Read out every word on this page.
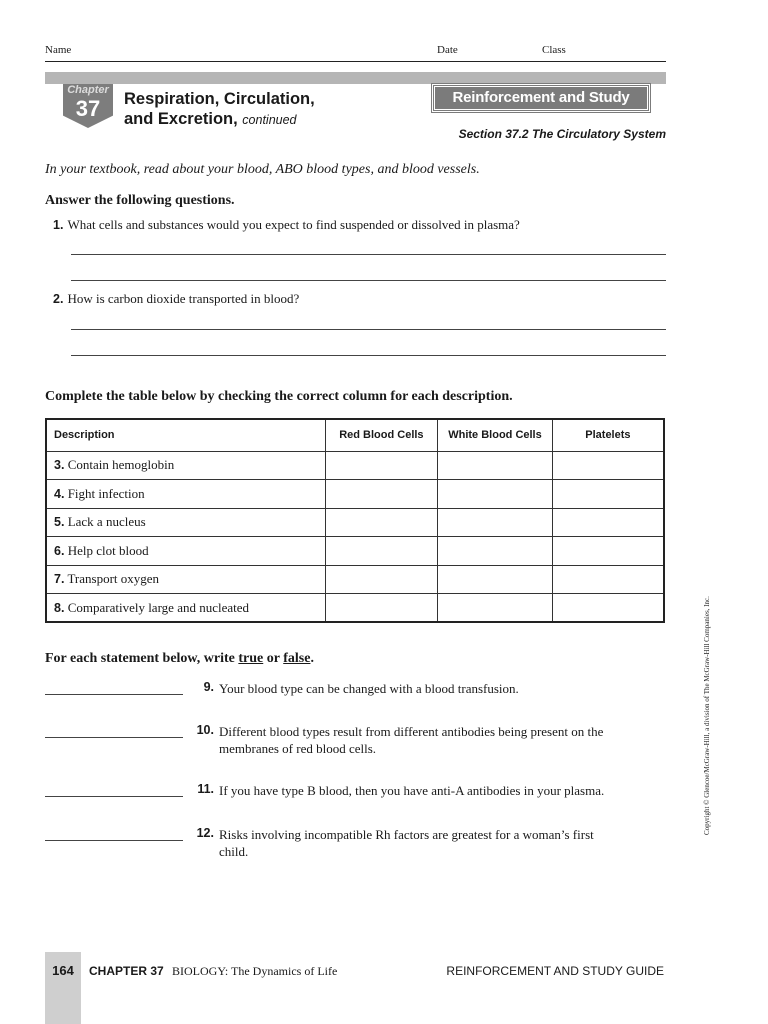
Name	Date	Class
Chapter
37	Respiration, Circulation,
and Excretion, continued
Reinforcement and Study Guide
Section 37.2 The Circulatory System
In your textbook, read about your blood, ABO blood types, and blood vessels.
Answer the following questions.
1. What cells and substances would you expect to find suspended or dissolved in plasma?
2. How is carbon dioxide transported in blood?
Complete the table below by checking the correct column for each description.
Description	Red Blood Cells	White Blood Cells	Platelets
3. Contain hemoglobin			
4. Fight infection			
5. Lack a nucleus			
6. Help clot blood			
7. Transport oxygen			
8. Comparatively large and nucleated			
For each statement below, write true or false.
9. Your blood type can be changed with a blood transfusion.
10. Different blood types result from different antibodies being present on the
membranes of red blood cells.
11. If you have type B blood, then you have anti-A antibodies in your plasma.
12. Risks involving incompatible Rh factors are greatest for a woman’s first
child.
Copyright © Glencoe/McGraw-Hill, a division of The McGraw-Hill Companies, Inc.
164	CHAPTER 37 BIOLOGY: The Dynamics of Life	REINFORCEMENT AND STUDY GUIDE
